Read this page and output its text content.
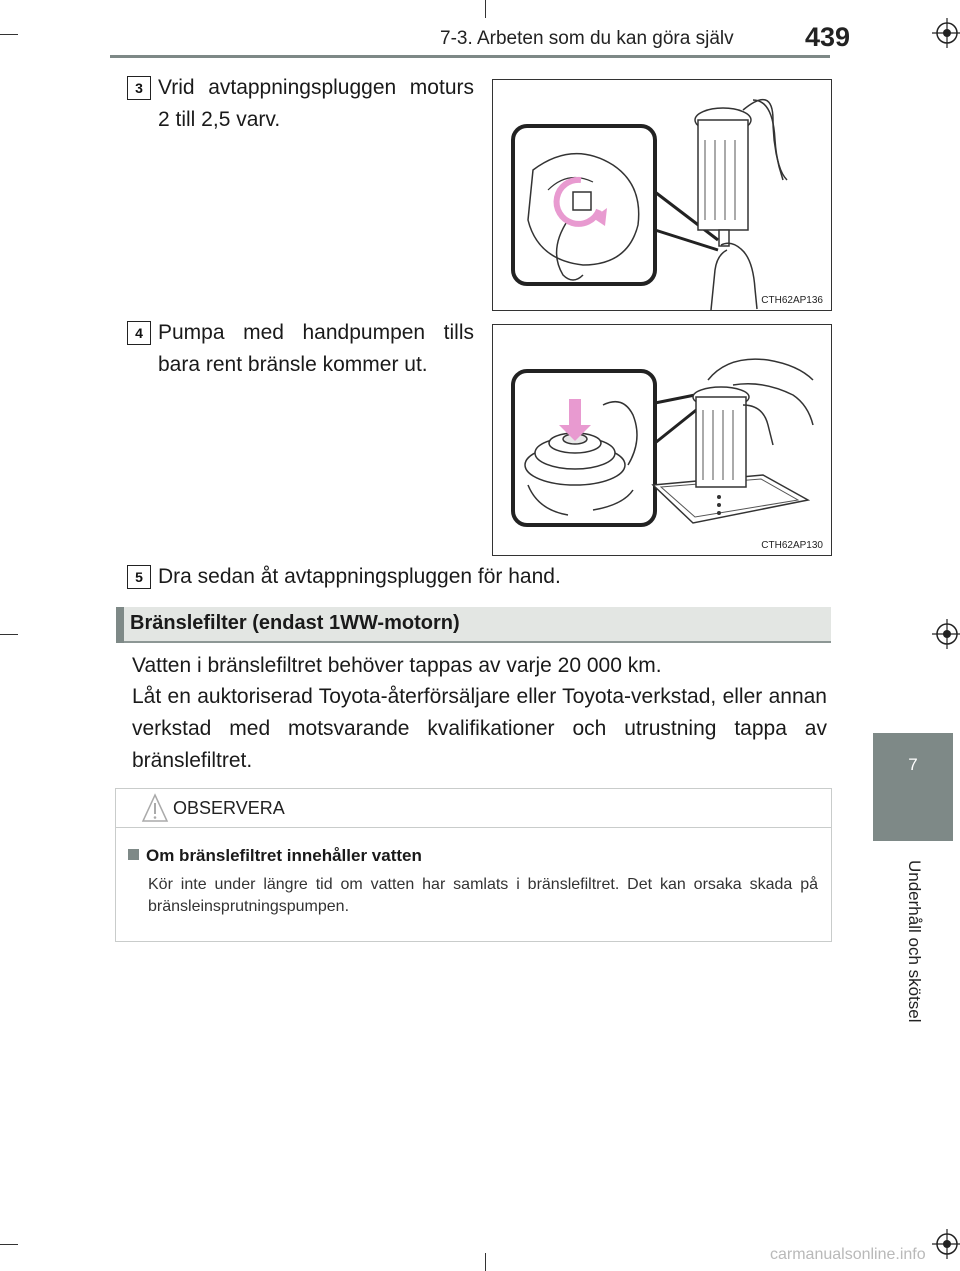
7-3. Arbeten som du kan göra själv	439
7
Underhåll och skötsel
3 Vrid avtappningspluggen moturs 2 till 2,5 varv.
CTH62AP136
4 Pumpa med handpumpen tills bara rent bränsle kommer ut.
CTH62AP130
5 Dra sedan åt avtappningspluggen för hand.
Bränslefilter (endast 1WW-motorn)
Vatten i bränslefiltret behöver tappas av varje 20 000 km.
Låt en auktoriserad Toyota-återförsäljare eller Toyota-verkstad, eller annan verkstad med motsvarande kvalifikationer och utrustning tappa av bränslefiltret.
OBSERVERA
Om bränslefiltret innehåller vatten
Kör inte under längre tid om vatten har samlats i bränslefiltret. Det kan orsaka skada på bränsleinsprutningspumpen.
carmanualsonline.info
